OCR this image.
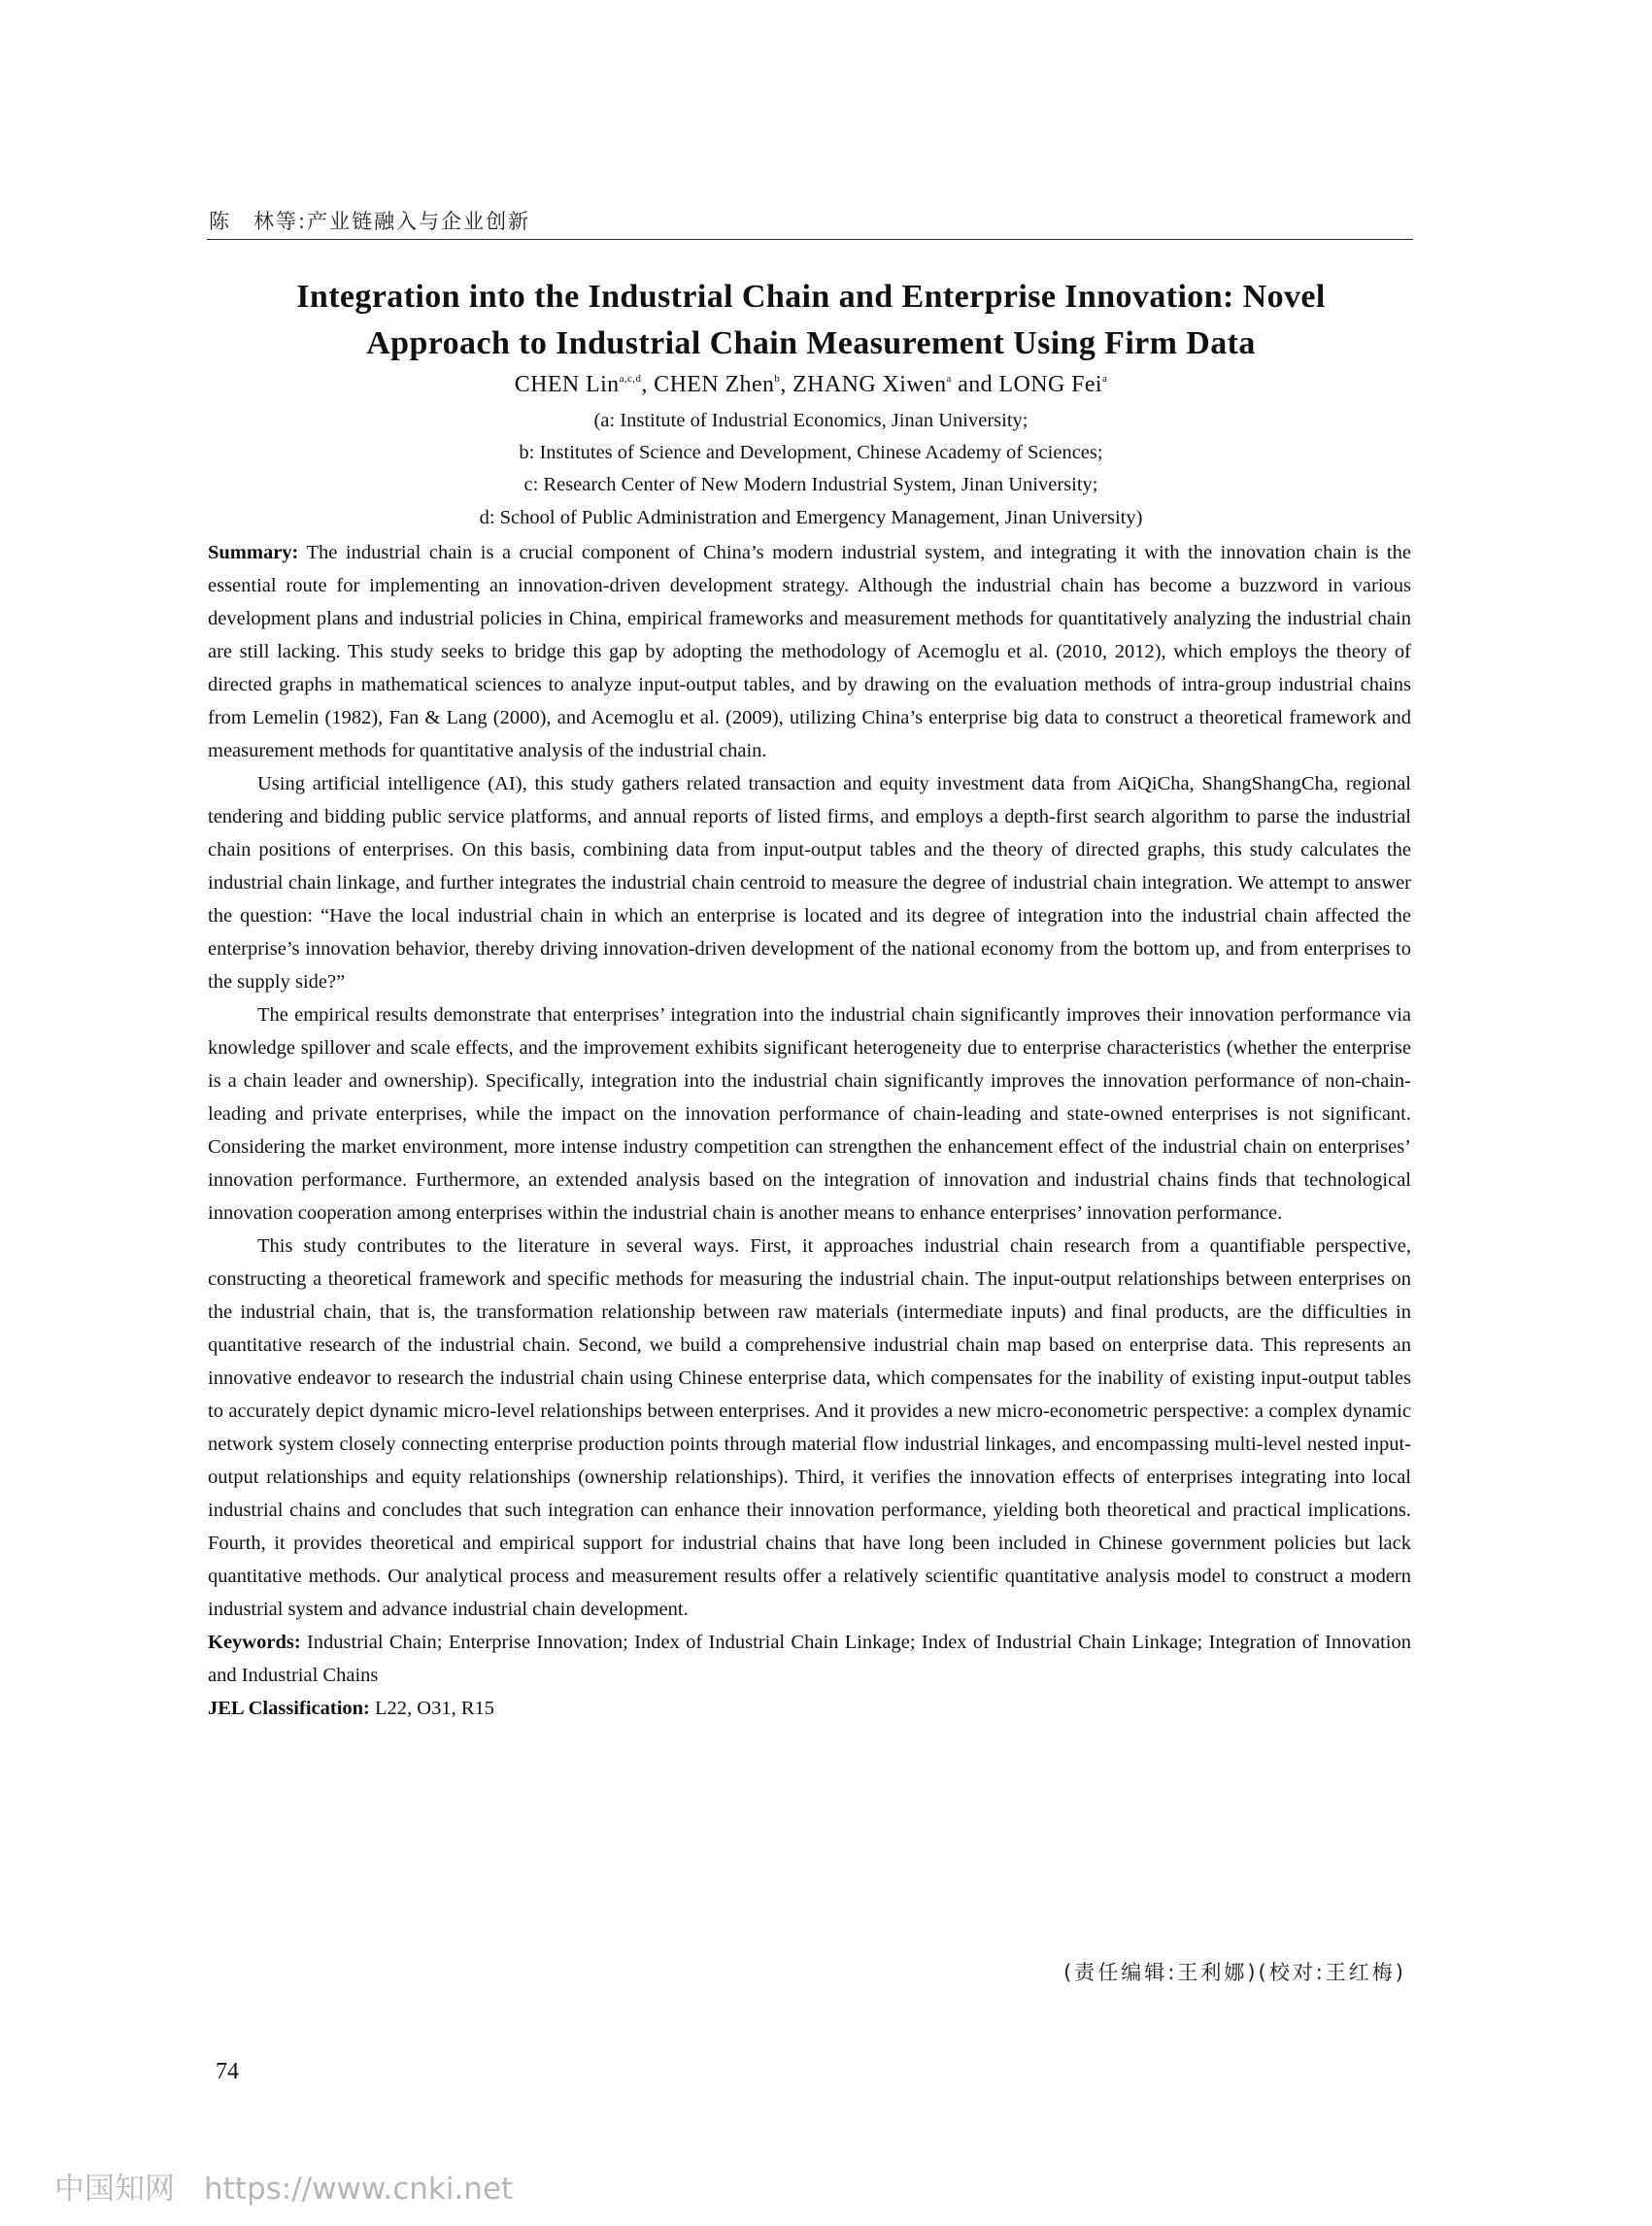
陈　林等:产业链融入与企业创新
Integration into the Industrial Chain and Enterprise Innovation: Novel
Approach to Industrial Chain Measurement Using Firm Data
CHEN Lin$^{a,c,d}$, CHEN Zhen$^b$, ZHANG Xiwen$^a$ and LONG Fei$^a$
(a: Institute of Industrial Economics, Jinan University;
b: Institutes of Science and Development, Chinese Academy of Sciences;
c: Research Center of New Modern Industrial System, Jinan University;
d: School of Public Administration and Emergency Management, Jinan University)

Summary: The industrial chain is a crucial component of China’s modern industrial system, and integrating it with the innovation chain is the essential route for implementing an innovation-driven development strategy. Although the industrial chain has become a buzzword in various development plans and industrial policies in China, empirical frameworks and measurement methods for quantitatively analyzing the industrial chain are still lacking. This study seeks to bridge this gap by adopting the methodology of Acemoglu et al. (2010, 2012), which employs the theory of directed graphs in mathematical sciences to analyze input-output tables, and by drawing on the evaluation methods of intra-group industrial chains from Lemelin (1982), Fan & Lang (2000), and Acemoglu et al. (2009), utilizing China’s enterprise big data to construct a theoretical framework and measurement methods for quantitative analysis of the industrial chain.

Using artificial intelligence (AI), this study gathers related transaction and equity investment data from AiQiCha, ShangShangCha, regional tendering and bidding public service platforms, and annual reports of listed firms, and employs a depth-first search algorithm to parse the industrial chain positions of enterprises. On this basis, combining data from input-output tables and the theory of directed graphs, this study calculates the industrial chain linkage, and further integrates the industrial chain centroid to measure the degree of industrial chain integration. We attempt to answer the question: “Have the local industrial chain in which an enterprise is located and its degree of integration into the industrial chain affected the enterprise’s innovation behavior, thereby driving innovation-driven development of the national economy from the bottom up, and from enterprises to the supply side?”

The empirical results demonstrate that enterprises’ integration into the industrial chain significantly improves their innovation performance via knowledge spillover and scale effects, and the improvement exhibits significant heterogeneity due to enterprise characteristics (whether the enterprise is a chain leader and ownership). Specifically, integration into the industrial chain significantly improves the innovation performance of non-chain-leading and private enterprises, while the impact on the innovation performance of chain-leading and state-owned enterprises is not significant. Considering the market environment, more intense industry competition can strengthen the enhancement effect of the industrial chain on enterprises’ innovation performance. Furthermore, an extended analysis based on the integration of innovation and industrial chains finds that technological innovation cooperation among enterprises within the industrial chain is another means to enhance enterprises’ innovation performance.

This study contributes to the literature in several ways. First, it approaches industrial chain research from a quantifiable perspective, constructing a theoretical framework and specific methods for measuring the industrial chain. The input-output relationships between enterprises on the industrial chain, that is, the transformation relationship between raw materials (intermediate inputs) and final products, are the difficulties in quantitative research of the industrial chain. Second, we build a comprehensive industrial chain map based on enterprise data. This represents an innovative endeavor to research the industrial chain using Chinese enterprise data, which compensates for the inability of existing input-output tables to accurately depict dynamic micro-level relationships between enterprises. And it provides a new micro-econometric perspective: a complex dynamic network system closely connecting enterprise production points through material flow industrial linkages, and encompassing multi-level nested input-output relationships and equity relationships (ownership relationships). Third, it verifies the innovation effects of enterprises integrating into local industrial chains and concludes that such integration can enhance their innovation performance, yielding both theoretical and practical implications. Fourth, it provides theoretical and empirical support for industrial chains that have long been included in Chinese government policies but lack quantitative methods. Our analytical process and measurement results offer a relatively scientific quantitative analysis model to construct a modern industrial system and advance industrial chain development.

Keywords: Industrial Chain; Enterprise Innovation; Index of Industrial Chain Linkage; Index of Industrial Chain Linkage; Integration of Innovation and Industrial Chains

JEL Classification: L22, O31, R15

(责任编辑:王利娜)(校对:王红梅)
74
中国知网 https://www.cnki.net
